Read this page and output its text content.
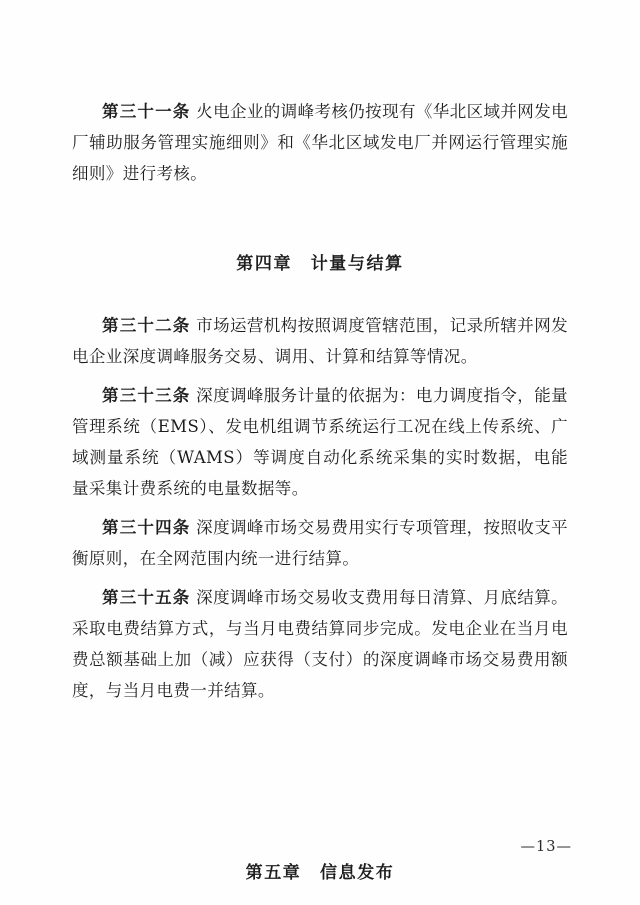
第三十一条 火电企业的调峰考核仍按现有《华北区域并网发电厂辅助服务管理实施细则》和《华北区域发电厂并网运行管理实施细则》进行考核。

第四章　计量与结算

第三十二条 市场运营机构按照调度管辖范围，记录所辖并网发电企业深度调峰服务交易、调用、计算和结算等情况。

第三十三条 深度调峰服务计量的依据为：电力调度指令，能量管理系统（EMS）、发电机组调节系统运行工况在线上传系统、广域测量系统（WAMS）等调度自动化系统采集的实时数据，电能量采集计费系统的电量数据等。

第三十四条 深度调峰市场交易费用实行专项管理，按照收支平衡原则，在全网范围内统一进行结算。

第三十五条 深度调峰市场交易收支费用每日清算、月底结算。采取电费结算方式，与当月电费结算同步完成。发电企业在当月电费总额基础上加（减）应获得（支付）的深度调峰市场交易费用额度，与当月电费一并结算。

第五章　信息发布

—13—
